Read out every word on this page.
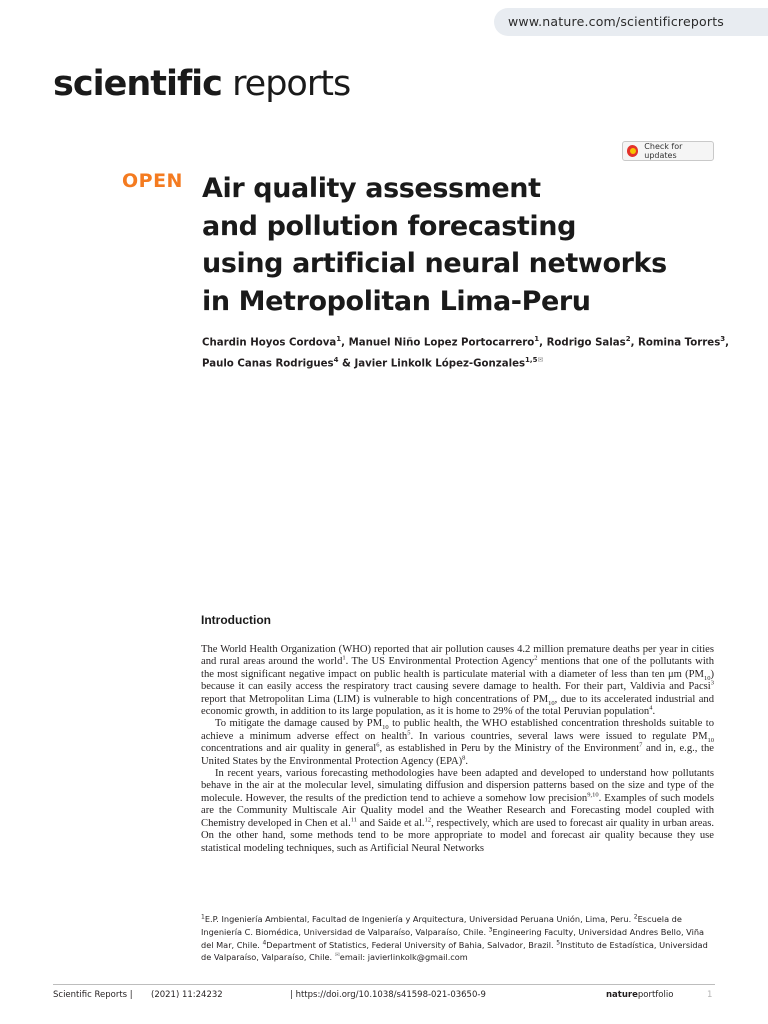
www.nature.com/scientificreports
scientific reports
Check for updates
OPEN Air quality assessment
and pollution forecasting
using artificial neural networks
in Metropolitan Lima-Peru
Chardin Hoyos Cordova$^1$, Manuel Niño Lopez Portocarrero$^1$, Rodrigo Salas$^2$, Romina Torres$^3$,
Paulo Canas Rodrigues$^4$ & Javier Linkolk López-Gonzales$^{1,5✉}$
Introduction

The World Health Organization (WHO) reported that air pollution causes 4.2 million premature deaths per year in cities and rural areas around the world$^1$. The US Environmental Protection Agency$^2$ mentions that one of the pollutants with the most significant negative impact on public health is particulate material with a diameter of less than ten μm $(PM_{10})$ because it can easily access the respiratory tract causing severe damage to health. For their part, Valdivia and Pacsi$^3$ report that Metropolitan Lima (LIM) is vulnerable to high concentrations of $PM_{10}$, due to its accelerated industrial and economic growth, in addition to its large population, as it is home to 29% of the total Peruvian population$^4$.

To mitigate the damage caused by $PM_{10}$ to public health, the WHO established concentration thresholds suitable to achieve a minimum adverse effect on health$^5$. In various countries, several laws were issued to regulate $PM_{10}$ concentrations and air quality in general$^6$, as established in Peru by the Ministry of the Environment$^7$ and in, e.g., the United States by the Environmental Protection Agency (EPA)$^8$.

In recent years, various forecasting methodologies have been adapted and developed to understand how pollutants behave in the air at the molecular level, simulating diffusion and dispersion patterns based on the size and type of the molecule. However, the results of the prediction tend to achieve a somehow low precision$^{9,10}$. Examples of such models are the Community Multiscale Air Quality model and the Weather Research and Forecasting model coupled with Chemistry developed in Chen et al.$^{11}$ and Saide et al.$^{12}$, respectively, which are used to forecast air quality in urban areas. On the other hand, some methods tend to be more appropriate to model and forecast air quality because they use statistical modeling techniques, such as Artificial Neural Networks

$^1$E.P. Ingeniería Ambiental, Facultad de Ingeniería y Arquitectura, Universidad Peruana Unión, Lima, Peru. $^2$Escuela de Ingeniería C. Biomédica, Universidad de Valparaíso, Valparaíso, Chile. $^3$Engineering Faculty, Universidad Andres Bello, Viña del Mar, Chile. $^4$Department of Statistics, Federal University of Bahia, Salvador, Brazil. $^5$Instituto de Estadística, Universidad de Valparaíso, Valparaíso, Chile. ✉email: javierlinkolk@gmail.com
Scientific Reports | (2021) 11:24232	| https://doi.org/10.1038/s41598-021-03650-9	natureportfolio	1
